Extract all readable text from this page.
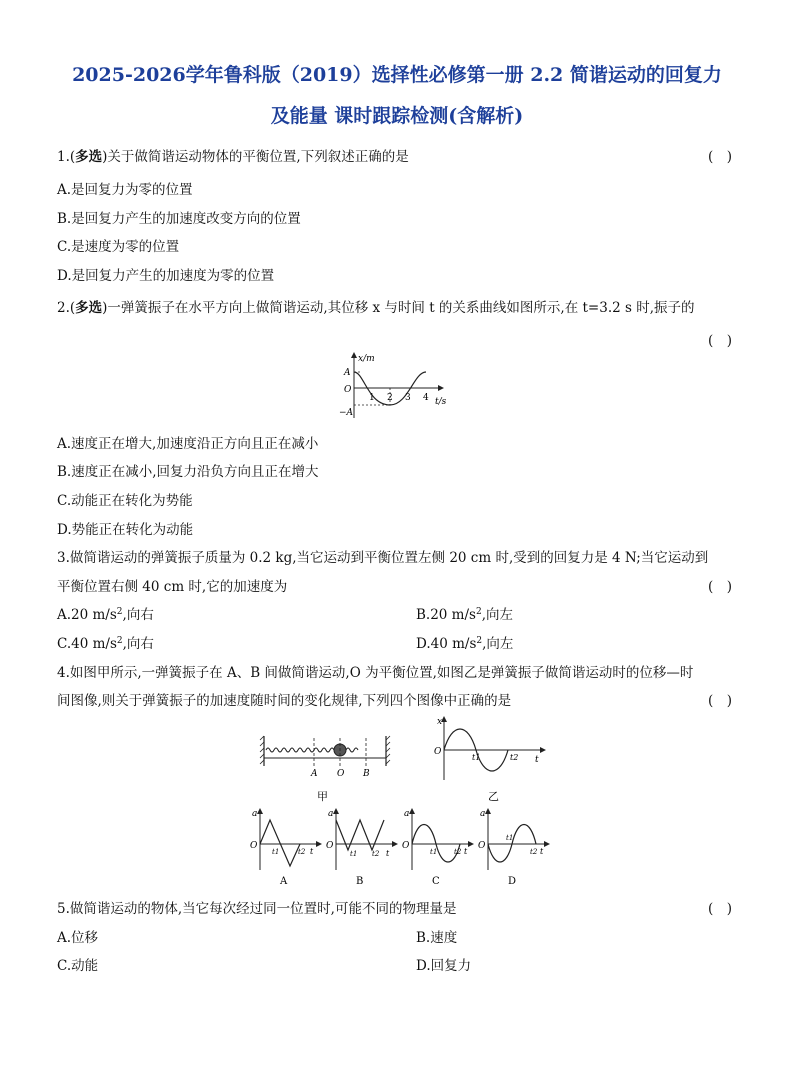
2025-2026学年鲁科版（2019）选择性必修第一册 2.2 简谐运动的回复力
及能量 课时跟踪检测(含解析)
1.(多选)关于做简谐运动物体的平衡位置,下列叙述正确的是	(　)
A.是回复力为零的位置
B.是回复力产生的加速度改变方向的位置
C.是速度为零的位置
D.是回复力产生的加速度为零的位置
2.(多选)一弹簧振子在水平方向上做简谐运动,其位移 x 与时间 t 的关系曲线如图所示,在 t=3.2 s 时,振子的
(　)
x/m
A
O
−A
1 2 3 4 t/s
A.速度正在增大,加速度沿正方向且正在减小
B.速度正在减小,回复力沿负方向且正在增大
C.动能正在转化为势能
D.势能正在转化为动能
3.做简谐运动的弹簧振子质量为 0.2 kg,当它运动到平衡位置左侧 20 cm 时,受到的回复力是 4 N;当它运动到
平衡位置右侧 40 cm 时,它的加速度为	(　)
A.20 $m/s^2$,向右	B.20 $m/s^2$,向左
C.40 $m/s^2$,向右	D.40 $m/s^2$,向左
4.如图甲所示,一弹簧振子在 A、B 间做简谐运动,O 为平衡位置,如图乙是弹簧振子做简谐运动时的位移—时
间图像,则关于弹簧振子的加速度随时间的变化规律,下列四个图像中正确的是	(　)
A O B
甲
x
O
t1	t2 t
乙
a
O
t1	t2 t
A
a
O
t1 t2 t
B
a
O
t1 t2 t
C
a
O
t1
t2 t
D
5.做简谐运动的物体,当它每次经过同一位置时,可能不同的物理量是	(　)
A.位移	B.速度
C.动能	D.回复力
